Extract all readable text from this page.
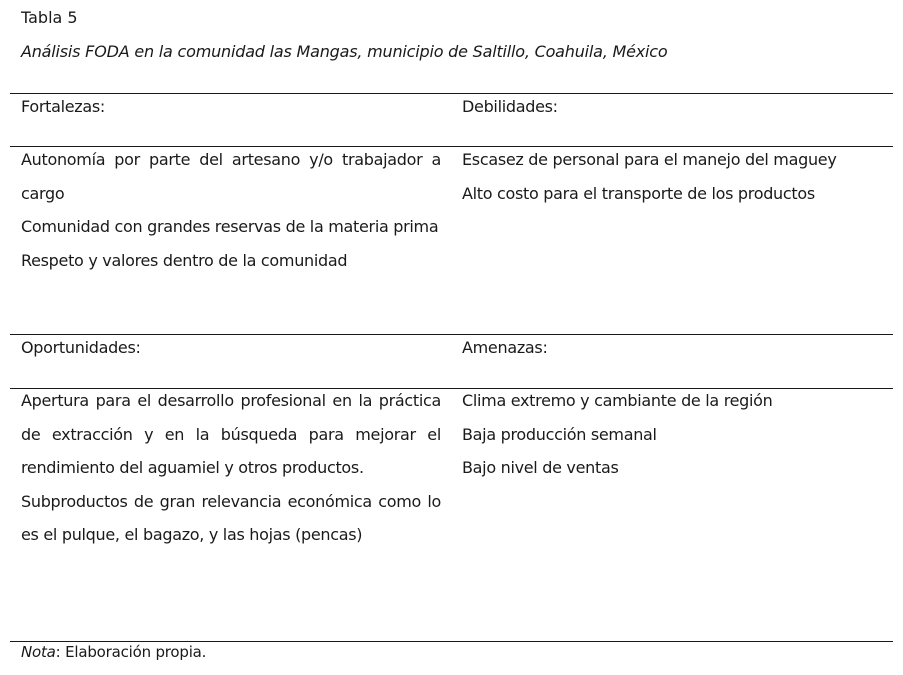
Tabla 5
Análisis FODA en la comunidad las Mangas, municipio de Saltillo, Coahuila, México
Fortalezas:	Debilidades:
Autonomía por parte del artesano y/o trabajador a cargo
Comunidad con grandes reservas de la materia prima
Respeto y valores dentro de la comunidad
Escasez de personal para el manejo del maguey
Alto costo para el transporte de los productos
Oportunidades:	Amenazas:
Apertura para el desarrollo profesional en la práctica de extracción y en la búsqueda para mejorar el rendimiento del aguamiel y otros productos.
Subproductos de gran relevancia económica como lo es el pulque, el bagazo, y las hojas (pencas)
Clima extremo y cambiante de la región
Baja producción semanal
Bajo nivel de ventas
Nota: Elaboración propia.
